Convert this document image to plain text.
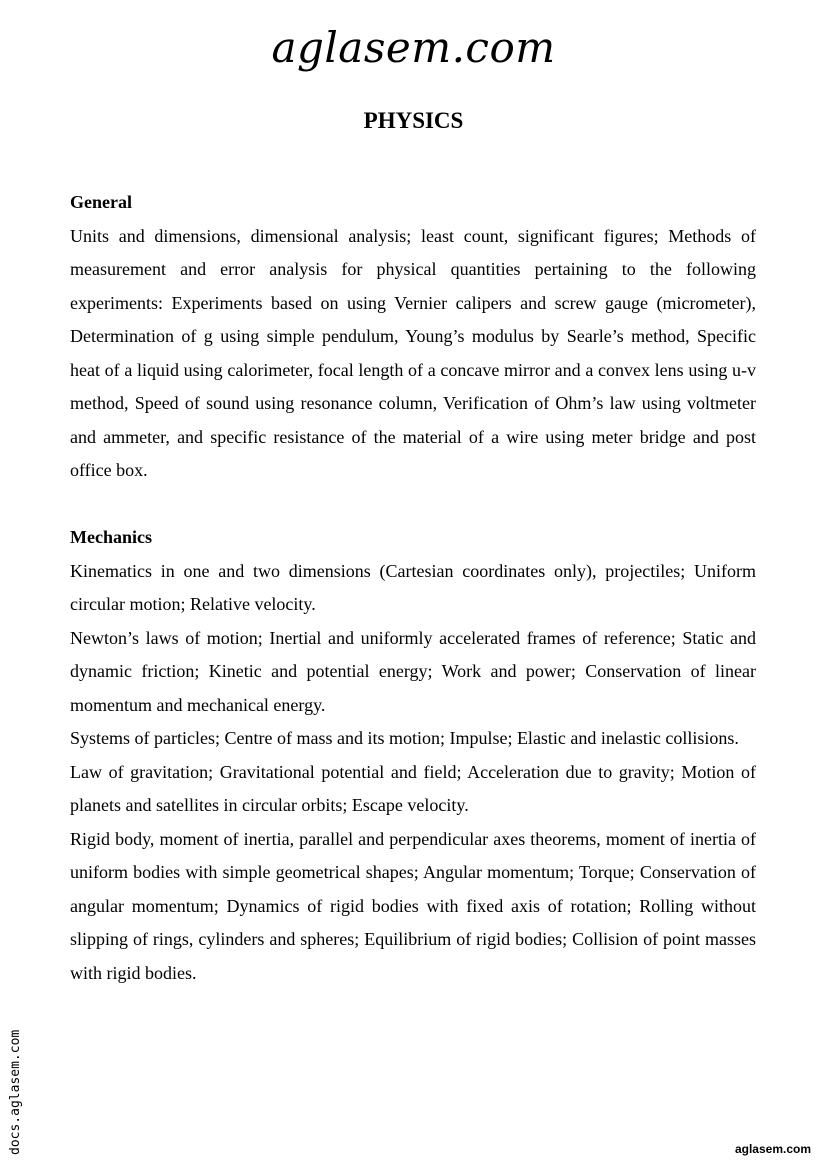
aglasem.com
PHYSICS
General

Units and dimensions, dimensional analysis; least count, significant figures; Methods of measurement and error analysis for physical quantities pertaining to the following experiments: Experiments based on using Vernier calipers and screw gauge (micrometer), Determination of g using simple pendulum, Young’s modulus by Searle’s method, Specific heat of a liquid using calorimeter, focal length of a concave mirror and a convex lens using u-v method, Speed of sound using resonance column, Verification of Ohm’s law using voltmeter and ammeter, and specific resistance of the material of a wire using meter bridge and post office box.

Mechanics

Kinematics in one and two dimensions (Cartesian coordinates only), projectiles; Uniform circular motion; Relative velocity.

Newton’s laws of motion; Inertial and uniformly accelerated frames of reference; Static and dynamic friction; Kinetic and potential energy; Work and power; Conservation of linear momentum and mechanical energy.

Systems of particles; Centre of mass and its motion; Impulse; Elastic and inelastic collisions.

Law of gravitation; Gravitational potential and field; Acceleration due to gravity; Motion of planets and satellites in circular orbits; Escape velocity.

Rigid body, moment of inertia, parallel and perpendicular axes theorems, moment of inertia of uniform bodies with simple geometrical shapes; Angular momentum; Torque; Conservation of angular momentum; Dynamics of rigid bodies with fixed axis of rotation; Rolling without slipping of rings, cylinders and spheres; Equilibrium of rigid bodies; Collision of point masses with rigid bodies.

docs.aglasem.com	aglasem.com
